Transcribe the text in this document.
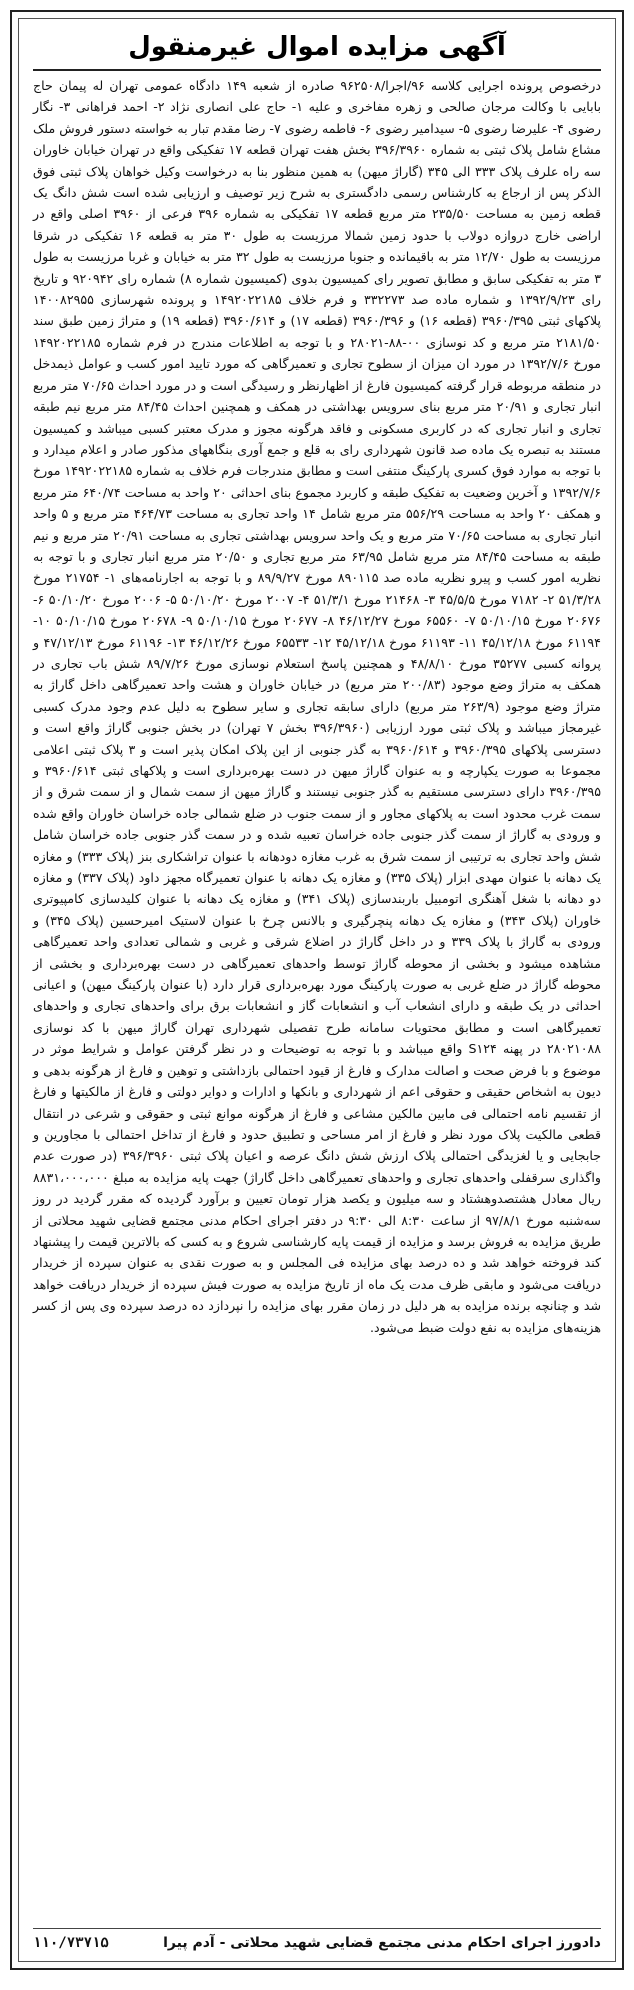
آگهی مزایده اموال غیرمنقول
درخصوص پرونده اجرایی کلاسه ۹۶/اجرا/۹۶۲۵۰۸ صادره از شعبه ۱۴۹ دادگاه عمومی تهران له پیمان حاج بابایی با وکالت مرجان صالحی و زهره مفاخری و علیه ۱- حاج علی انصاری نژاد ۲- احمد فراهانی ۳- نگار رضوی ۴- علیرضا رضوی ۵- سیدامیر رضوی ۶- فاطمه رضوی ۷- رضا مقدم تبار به خواسته دستور فروش ملک مشاع شامل پلاک ثبتی به شماره ۳۹۶/۳۹۶۰ بخش هفت تهران قطعه ۱۷ تفکیکی واقع در تهران خیابان خاوران سه راه علرف پلاک ۳۳۳ الی ۳۴۵ (گاراژ میهن) به همین منظور بنا به درخواست وکیل خواهان پلاک ثبتی فوق الذکر پس از ارجاع به کارشناس رسمی دادگستری به شرح زیر توصیف و ارزیابی شده است شش دانگ یک قطعه زمین به مساحت ۲۳۵/۵۰ متر مربع قطعه ۱۷ تفکیکی به شماره ۳۹۶ فرعی از ۳۹۶۰ اصلی واقع در اراضی خارج دروازه دولاب با حدود زمین شمالا مرزیست به طول ۳۰ متر به قطعه ۱۶ تفکیکی در شرقا مرزیست به طول ۱۲/۷۰ متر به باقیمانده و جنوبا مرزیست به طول ۳۲ متر به خیابان و غربا مرزیست به طول ۳ متر به تفکیکی سابق و مطابق تصویر رای کمیسیون بدوی (کمیسیون شماره ۸) شماره رای ۹۲۰۹۴۲ و تاریخ رای ۱۳۹۲/۹/۲۳ و شماره ماده صد ۳۳۲۲۷۳ و فرم خلاف ۱۴۹۲۰۲۲۱۸۵ و پرونده شهرسازی ۱۴۰۰۸۲۹۵۵ پلاکهای ثبتی ۳۹۶۰/۳۹۵ (قطعه ۱۶) و ۳۹۶۰/۳۹۶ (قطعه ۱۷) و ۳۹۶۰/۶۱۴ (قطعه ۱۹) و متراژ زمین طبق سند ۲۱۸۱/۵۰ متر مربع و کد نوسازی ۰۰-۸۸-۲۸۰۲۱ و با توجه به اطلاعات مندرج در فرم شماره ۱۴۹۲۰۲۲۱۸۵ مورخ ۱۳۹۲/۷/۶ در مورد ان میزان از سطوح تجاری و تعمیرگاهی که مورد تایید امور کسب و عوامل ذیمدخل در منطقه مربوطه قرار گرفته کمیسیون فارغ از اظهارنظر و رسیدگی است و در مورد احداث ۷۰/۶۵ متر مربع انبار تجاری و ۲۰/۹۱ متر مربع بنای سرویس بهداشتی در همکف و همچنین احداث ۸۴/۴۵ متر مربع نیم طبقه تجاری و انبار تجاری که در کاربری مسکونی و فاقد هرگونه مجوز و مدرک معتبر کسبی میباشد و کمیسیون مستند به تبصره یک ماده صد قانون شهرداری رای به قلع و جمع آوری بنگاههای مذکور صادر و اعلام میدارد و با توجه به موارد فوق کسری پارکینگ منتفی است و مطابق مندرجات فرم خلاف به شماره ۱۴۹۲۰۲۲۱۸۵ مورخ ۱۳۹۲/۷/۶ و آخرین وضعیت به تفکیک طبقه و کاربرد مجموع بنای احداثی ۲۰ واحد به مساحت ۶۴۰/۷۴ متر مربع و همکف ۲۰ واحد به مساحت ۵۵۶/۲۹ متر مربع شامل ۱۴ واحد تجاری به مساحت ۴۶۴/۷۳ متر مربع و ۵ واحد انبار تجاری به مساحت ۷۰/۶۵ متر مربع و یک واحد سرویس بهداشتی تجاری به مساحت ۲۰/۹۱ متر مربع و نیم طبقه به مساحت ۸۴/۴۵ متر مربع شامل ۶۳/۹۵ متر مربع تجاری و ۲۰/۵۰ متر مربع انبار تجاری و با توجه به نظریه امور کسب و پیرو نظریه ماده صد ۸۹۰۱۱۵ مورخ ۸۹/۹/۲۷ و با توجه به اجارنامه‌های ۱- ۲۱۷۵۴ مورخ ۵۱/۳/۲۸ ۲- ۷۱۸۲ مورخ ۴۵/۵/۵ ۳- ۲۱۴۶۸ مورخ ۵۱/۳/۱ ۴- ۲۰۰۷ مورخ ۵۰/۱۰/۲۰ ۵- ۲۰۰۶ مورخ ۵۰/۱۰/۲۰ ۶- ۲۰۶۷۶ مورخ ۵۰/۱۰/۱۵ ۷- ۶۵۵۶۰ مورخ ۴۶/۱۲/۲۷ ۸- ۲۰۶۷۷ مورخ ۵۰/۱۰/۱۵ ۹- ۲۰۶۷۸ مورخ ۵۰/۱۰/۱۵ ۱۰- ۶۱۱۹۴ مورخ ۴۵/۱۲/۱۸ ۱۱- ۶۱۱۹۳ مورخ ۴۵/۱۲/۱۸ ۱۲- ۶۵۵۳۳ مورخ ۴۶/۱۲/۲۶ ۱۳- ۶۱۱۹۶ مورخ ۴۷/۱۲/۱۳ و پروانه کسبی ۳۵۲۷۷ مورخ ۴۸/۸/۱۰ و همچنین پاسخ استعلام نوسازی مورخ ۸۹/۷/۲۶ شش باب تجاری در همکف به متراژ وضع موجود (۲۰۰/۸۳ متر مربع) در خیابان خاوران و هشت واحد تعمیرگاهی داخل گاراژ به متراژ وضع موجود (۲۶۳/۹ متر مربع) دارای سابقه تجاری و سایر سطوح به دلیل عدم وجود مدرک کسبی غیرمجاز میباشد و پلاک ثبتی مورد ارزیابی (۳۹۶/۳۹۶۰ بخش ۷ تهران) در بخش جنوبی گاراژ واقع است و دسترسی پلاکهای ۳۹۶۰/۳۹۵ و ۳۹۶۰/۶۱۴ به گذر جنوبی از این پلاک امکان پذیر است و ۳ پلاک ثبتی اعلامی مجموعا به صورت یکپارچه و به عنوان گاراژ میهن در دست بهره‌برداری است و پلاکهای ثبتی ۳۹۶۰/۶۱۴ و ۳۹۶۰/۳۹۵ دارای دسترسی مستقیم به گذر جنوبی نیستند و گاراژ میهن از سمت شمال و از سمت شرق و از سمت غرب محدود است به پلاکهای مجاور و از سمت جنوب در ضلع شمالی جاده خراسان خاوران واقع شده و ورودی به گاراژ از سمت گذر جنوبی جاده خراسان تعبیه شده و در سمت گذر جنوبی جاده خراسان شامل شش واحد تجاری به ترتیبی از سمت شرق به غرب مغازه دودهانه با عنوان تراشکاری بنز (پلاک ۳۳۳) و مغازه یک دهانه با عنوان مهدی ابزار (پلاک ۳۳۵) و مغازه یک دهانه با عنوان تعمیرگاه مجهز داود (پلاک ۳۳۷) و مغازه دو دهانه با شغل آهنگری اتومبیل باربندسازی (پلاک ۳۴۱) و مغازه یک دهانه با عنوان کلیدسازی کامپیوتری خاوران (پلاک ۳۴۳) و مغازه یک دهانه پنچرگیری و بالانس چرخ با عنوان لاستیک امیرحسین (پلاک ۳۴۵) و ورودی به گاراژ با پلاک ۳۳۹ و در داخل گاراژ در اضلاع شرقی و غربی و شمالی تعدادی واحد تعمیرگاهی مشاهده میشود و بخشی از محوطه گاراژ توسط واحدهای تعمیرگاهی در دست بهره‌برداری و بخشی از محوطه گاراژ در ضلع غربی به صورت پارکینگ مورد بهره‌برداری قرار دارد (با عنوان پارکینگ میهن) و اعیانی احداثی در یک طبقه و دارای انشعاب آب و انشعابات گاز و انشعابات برق برای واحدهای تجاری و واحدهای تعمیرگاهی است و مطابق محتویات سامانه طرح تفصیلی شهرداری تهران گاراژ میهن با کد نوسازی ۲۸۰۲۱۰۸۸ در پهنه S۱۲۴ واقع میباشد و با توجه به توضیحات و در نظر گرفتن عوامل و شرایط موثر در موضوع و با فرض صحت و اصالت مدارک و فارغ از قیود احتمالی بازداشتی و توهین و فارغ از هرگونه بدهی و دیون به اشخاص حقیقی و حقوقی اعم از شهرداری و بانکها و ادارات و دوایر دولتی و فارغ از مالکیتها و فارغ از تقسیم نامه احتمالی فی مابین مالکین مشاعی و فارغ از هرگونه موانع ثبتی و حقوقی و شرعی در انتقال قطعی مالکیت پلاک مورد نظر و فارغ از امر مساحی و تطبیق حدود و فارغ از تداخل احتمالی با مجاورین و جابجایی و یا لغزیدگی احتمالی پلاک ارزش شش دانگ عرصه و اعیان پلاک ثبتی ۳۹۶/۳۹۶۰ (در صورت عدم واگذاری سرقفلی واحدهای تجاری و واحدهای تعمیرگاهی داخل گاراژ) جهت پایه مزایده به مبلغ ۸۸۳۱،۰۰۰،۰۰۰ ریال معادل هشتصدوهشتاد و سه میلیون و یکصد هزار تومان تعیین و برآورد گردیده که مقرر گردید در روز سه‌شنبه مورخ ۹۷/۸/۱ از ساعت ۸:۳۰ الی ۹:۳۰ در دفتر اجرای احکام مدنی مجتمع قضایی شهید محلاتی از طریق مزایده به فروش برسد و مزایده از قیمت پایه کارشناسی شروع و به کسی که بالاترین قیمت را پیشنهاد کند فروخته خواهد شد و ده درصد بهای مزایده فی المجلس و به صورت نقدی به عنوان سپرده از خریدار دریافت می‌شود و مابقی ظرف مدت یک ماه از تاریخ مزایده به صورت فیش سپرده از خریدار دریافت خواهد شد و چنانچه برنده مزایده به هر دلیل در زمان مقرر بهای مزایده را نپردازد ده درصد سپرده وی پس از کسر هزینه‌های مزایده به نفع دولت ضبط می‌شود.
دادورز اجرای احکام مدنی مجتمع قضایی شهید محلاتی - آدم پیرا
۱۱۰/۷۳۷۱۵
